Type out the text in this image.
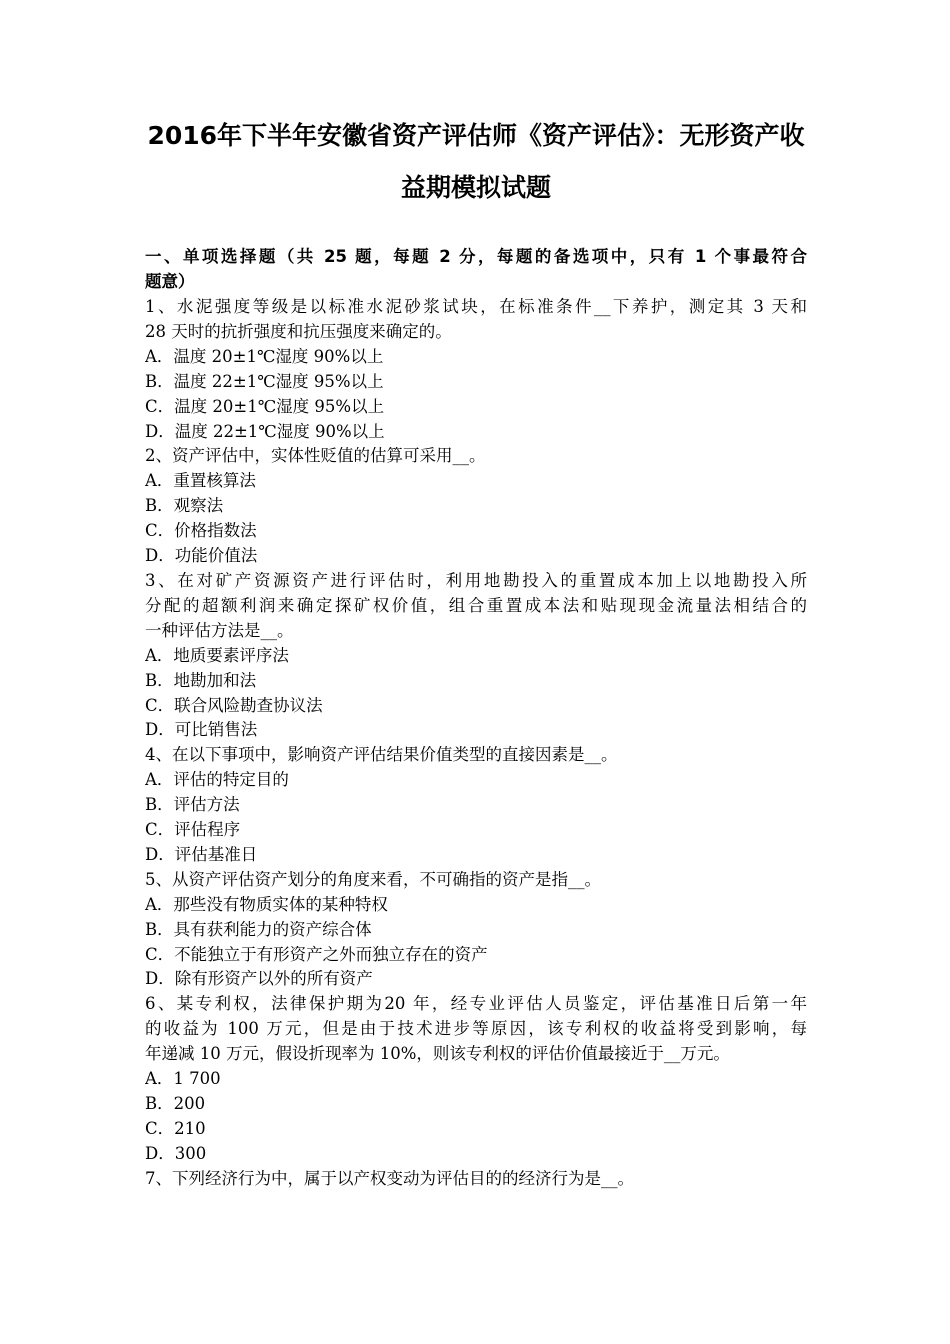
2016年下半年安徽省资产评估师《资产评估》：无形资产收
益期模拟试题
一、单项选择题（共 25 题，每题 2 分，每题的备选项中，只有 1 个事最符合
题意）
1、水泥强度等级是以标准水泥砂浆试块，在标准条件__下养护，测定其 3 天和
28 天时的抗折强度和抗压强度来确定的。
A．温度 20±1℃湿度 90%以上
B．温度 22±1℃湿度 95%以上
C．温度 20±1℃湿度 95%以上
D．温度 22±1℃湿度 90%以上
2、资产评估中，实体性贬值的估算可采用__。
A．重置核算法
B．观察法
C．价格指数法
D．功能价值法
3、在对矿产资源资产进行评估时，利用地勘投入的重置成本加上以地勘投入所
分配的超额利润来确定探矿权价值，组合重置成本法和贴现现金流量法相结合的
一种评估方法是__。
A．地质要素评序法
B．地勘加和法
C．联合风险勘查协议法
D．可比销售法
4、在以下事项中，影响资产评估结果价值类型的直接因素是__。
A．评估的特定目的
B．评估方法
C．评估程序
D．评估基准日
5、从资产评估资产划分的角度来看，不可确指的资产是指__。
A．那些没有物质实体的某种特权
B．具有获利能力的资产综合体
C．不能独立于有形资产之外而独立存在的资产
D．除有形资产以外的所有资产
6、某专利权，法律保护期为20 年，经专业评估人员鉴定，评估基准日后第一年
的收益为 100 万元，但是由于技术进步等原因，该专利权的收益将受到影响，每
年递减 10 万元，假设折现率为 10%，则该专利权的评估价值最接近于__万元。
A．1 700
B．200
C．210
D．300
7、下列经济行为中，属于以产权变动为评估目的的经济行为是__。
